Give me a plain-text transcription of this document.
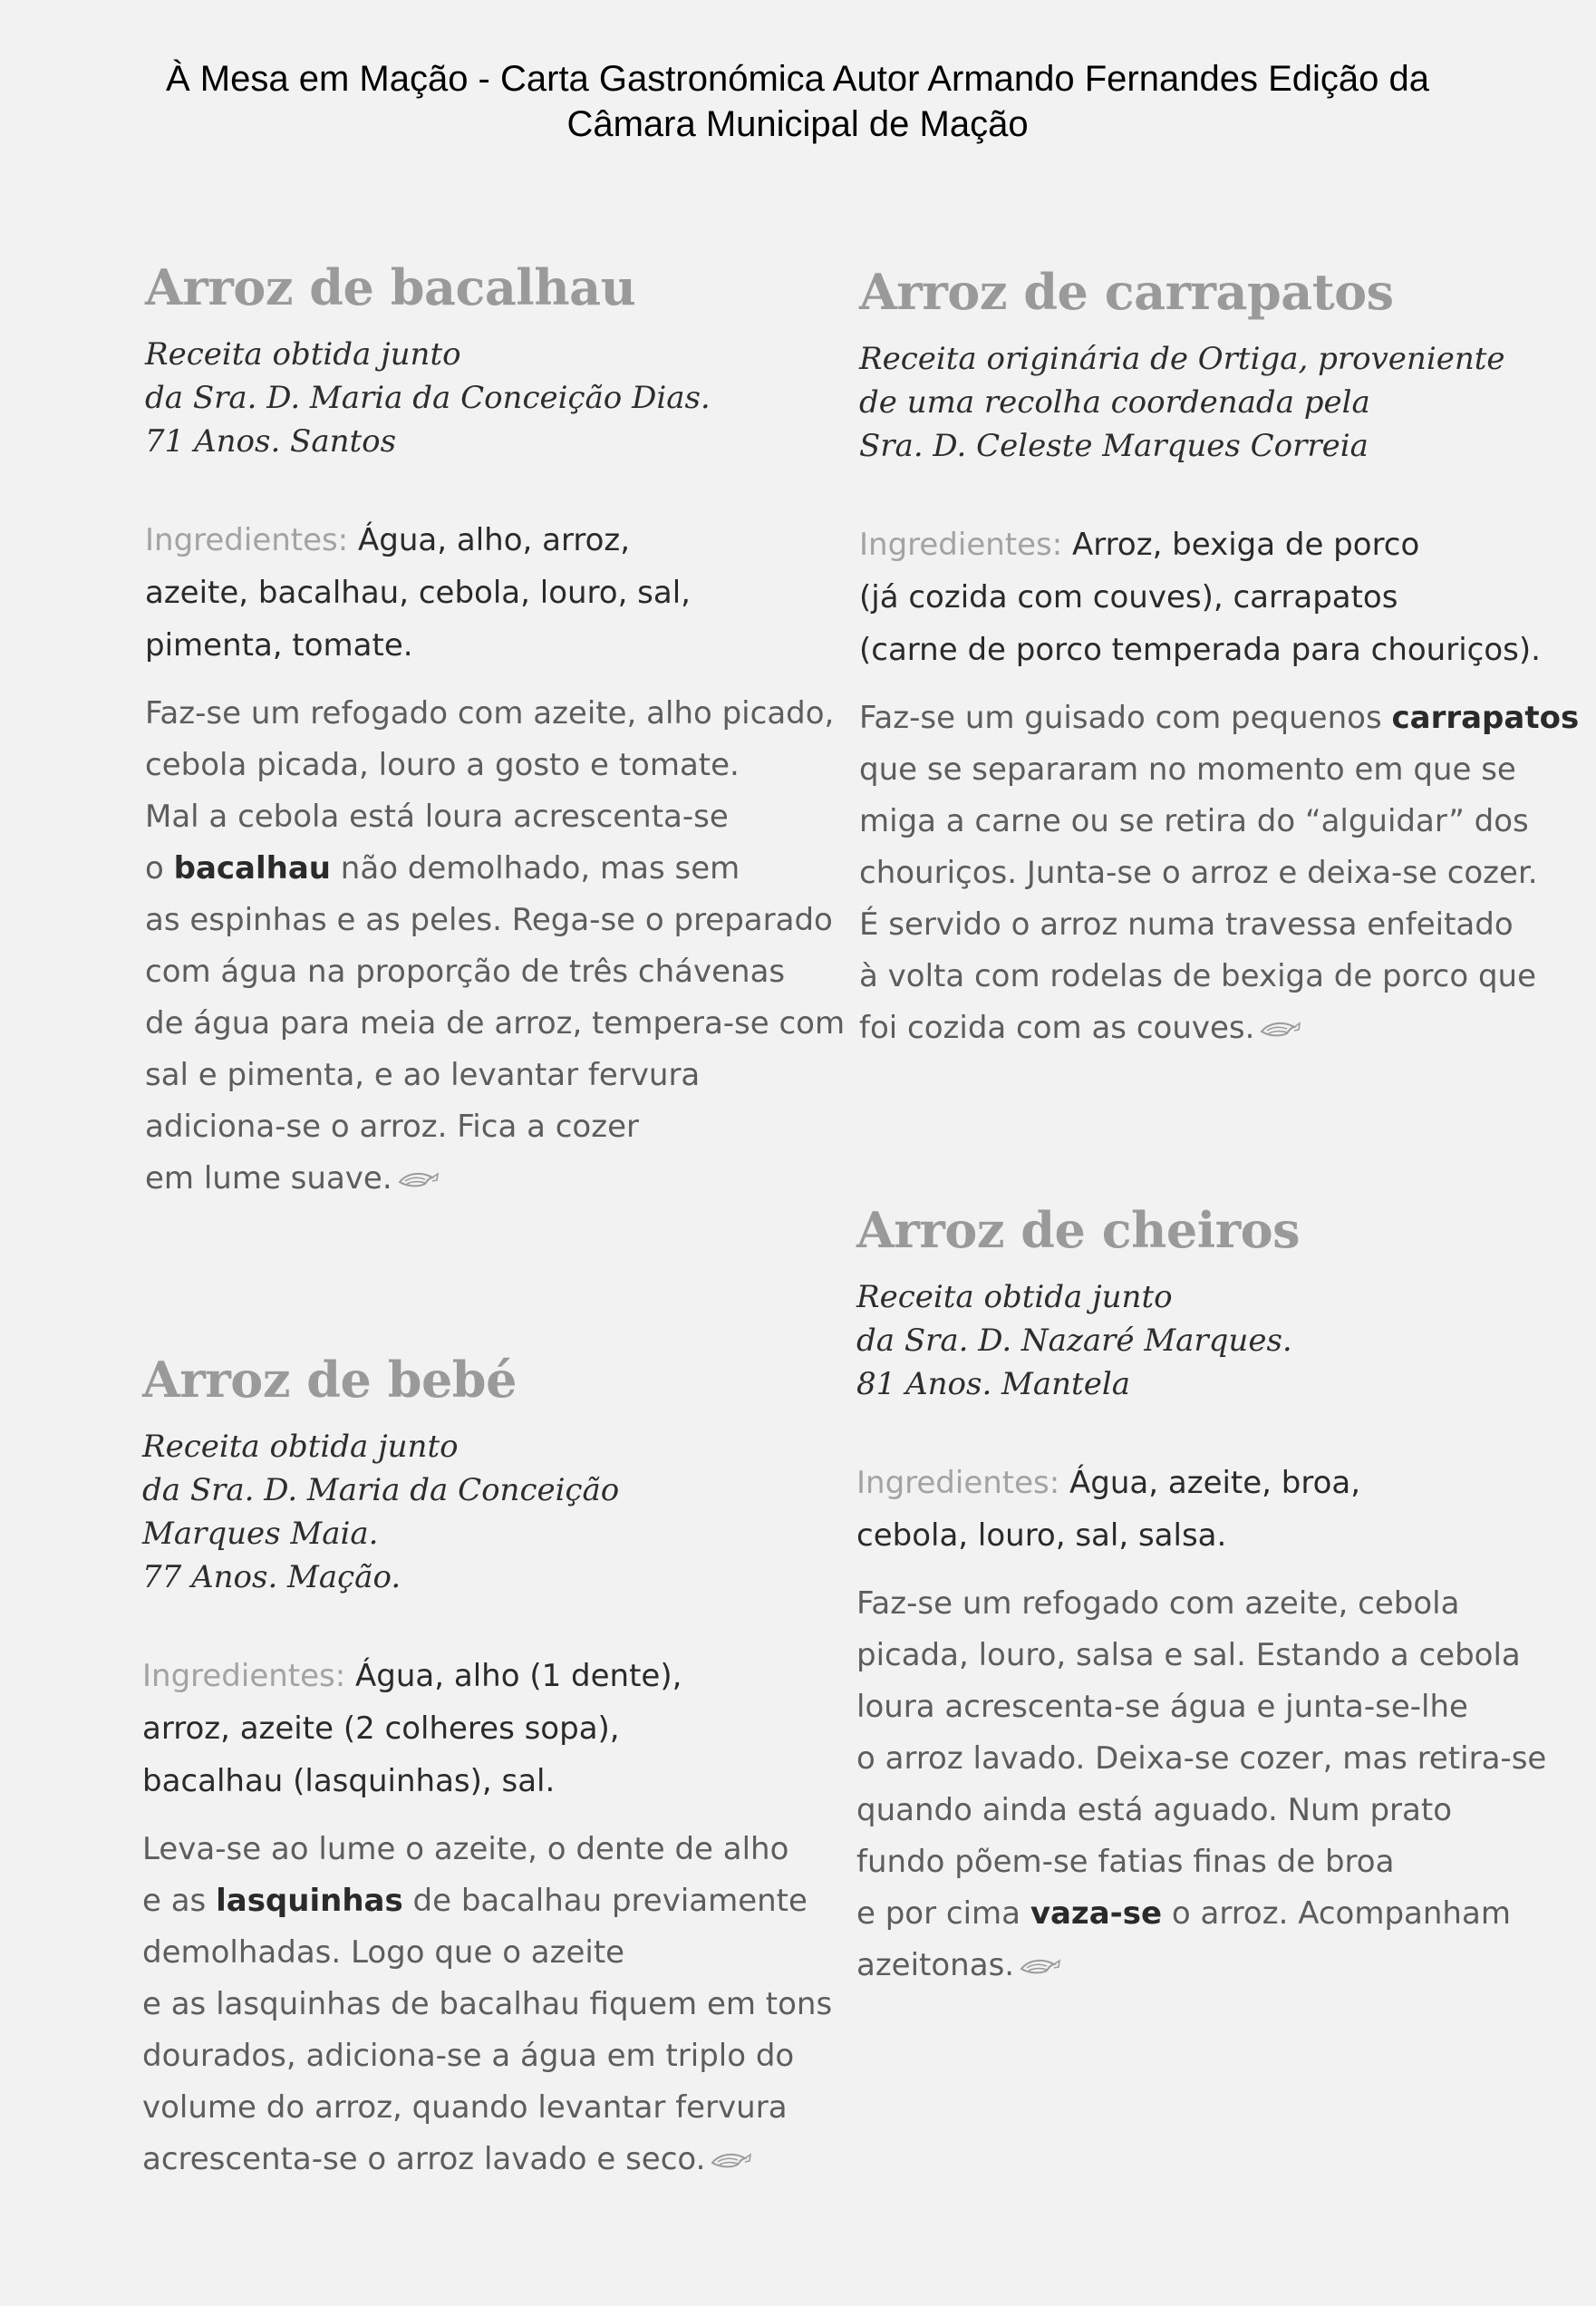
À Mesa em Mação - Carta Gastronómica Autor Armando Fernandes Edição da
Câmara Municipal de Mação
Arroz de bacalhau
Receita obtida junto
da Sra. D. Maria da Conceição Dias.
71 Anos. Santos
Ingredientes: Água, alho, arroz,
azeite, bacalhau, cebola, louro, sal,
pimenta, tomate.
Faz-se um refogado com azeite, alho picado,
cebola picada, louro a gosto e tomate.
Mal a cebola está loura acrescenta-se
o bacalhau não demolhado, mas sem
as espinhas e as peles. Rega-se o preparado
com água na proporção de três chávenas
de água para meia de arroz, tempera-se com
sal e pimenta, e ao levantar fervura
adiciona-se o arroz. Fica a cozer
em lume suave.
Arroz de carrapatos
Receita originária de Ortiga, proveniente
de uma recolha coordenada pela
Sra. D. Celeste Marques Correia
Ingredientes: Arroz, bexiga de porco
(já cozida com couves), carrapatos
(carne de porco temperada para chouriços).
Faz-se um guisado com pequenos carrapatos
que se separaram no momento em que se
miga a carne ou se retira do “alguidar” dos
chouriços. Junta-se o arroz e deixa-se cozer.
É servido o arroz numa travessa enfeitado
à volta com rodelas de bexiga de porco que
foi cozida com as couves.
Arroz de bebé
Receita obtida junto
da Sra. D. Maria da Conceição
Marques Maia.
77 Anos. Mação.
Ingredientes: Água, alho (1 dente),
arroz, azeite (2 colheres sopa),
bacalhau (lasquinhas), sal.
Leva-se ao lume o azeite, o dente de alho
e as lasquinhas de bacalhau previamente
demolhadas. Logo que o azeite
e as lasquinhas de bacalhau fiquem em tons
dourados, adiciona-se a água em triplo do
volume do arroz, quando levantar fervura
acrescenta-se o arroz lavado e seco.
Arroz de cheiros
Receita obtida junto
da Sra. D. Nazaré Marques.
81 Anos. Mantela
Ingredientes: Água, azeite, broa,
cebola, louro, sal, salsa.
Faz-se um refogado com azeite, cebola
picada, louro, salsa e sal. Estando a cebola
loura acrescenta-se água e junta-se-lhe
o arroz lavado. Deixa-se cozer, mas retira-se
quando ainda está aguado. Num prato
fundo põem-se fatias finas de broa
e por cima vaza-se o arroz. Acompanham
azeitonas.
